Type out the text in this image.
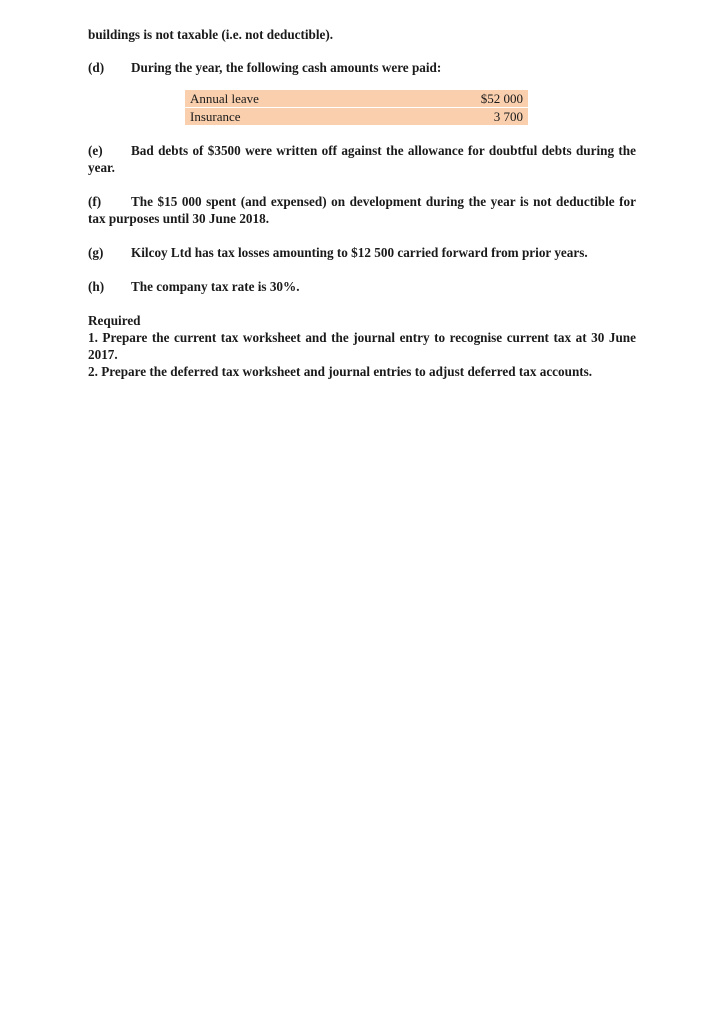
buildings is not taxable (i.e. not deductible).

(d) During the year, the following cash amounts were paid:

Annual leave	$52 000
Insurance	3 700

(e) Bad debts of $3500 were written off against the allowance for doubtful debts during the year.

(f) The $15 000 spent (and expensed) on development during the year is not deductible for tax purposes until 30 June 2018.

(g) Kilcoy Ltd has tax losses amounting to $12 500 carried forward from prior years.

(h) The company tax rate is 30%.

Required

1. Prepare the current tax worksheet and the journal entry to recognise current tax at 30 June 2017.

2. Prepare the deferred tax worksheet and journal entries to adjust deferred tax accounts.
